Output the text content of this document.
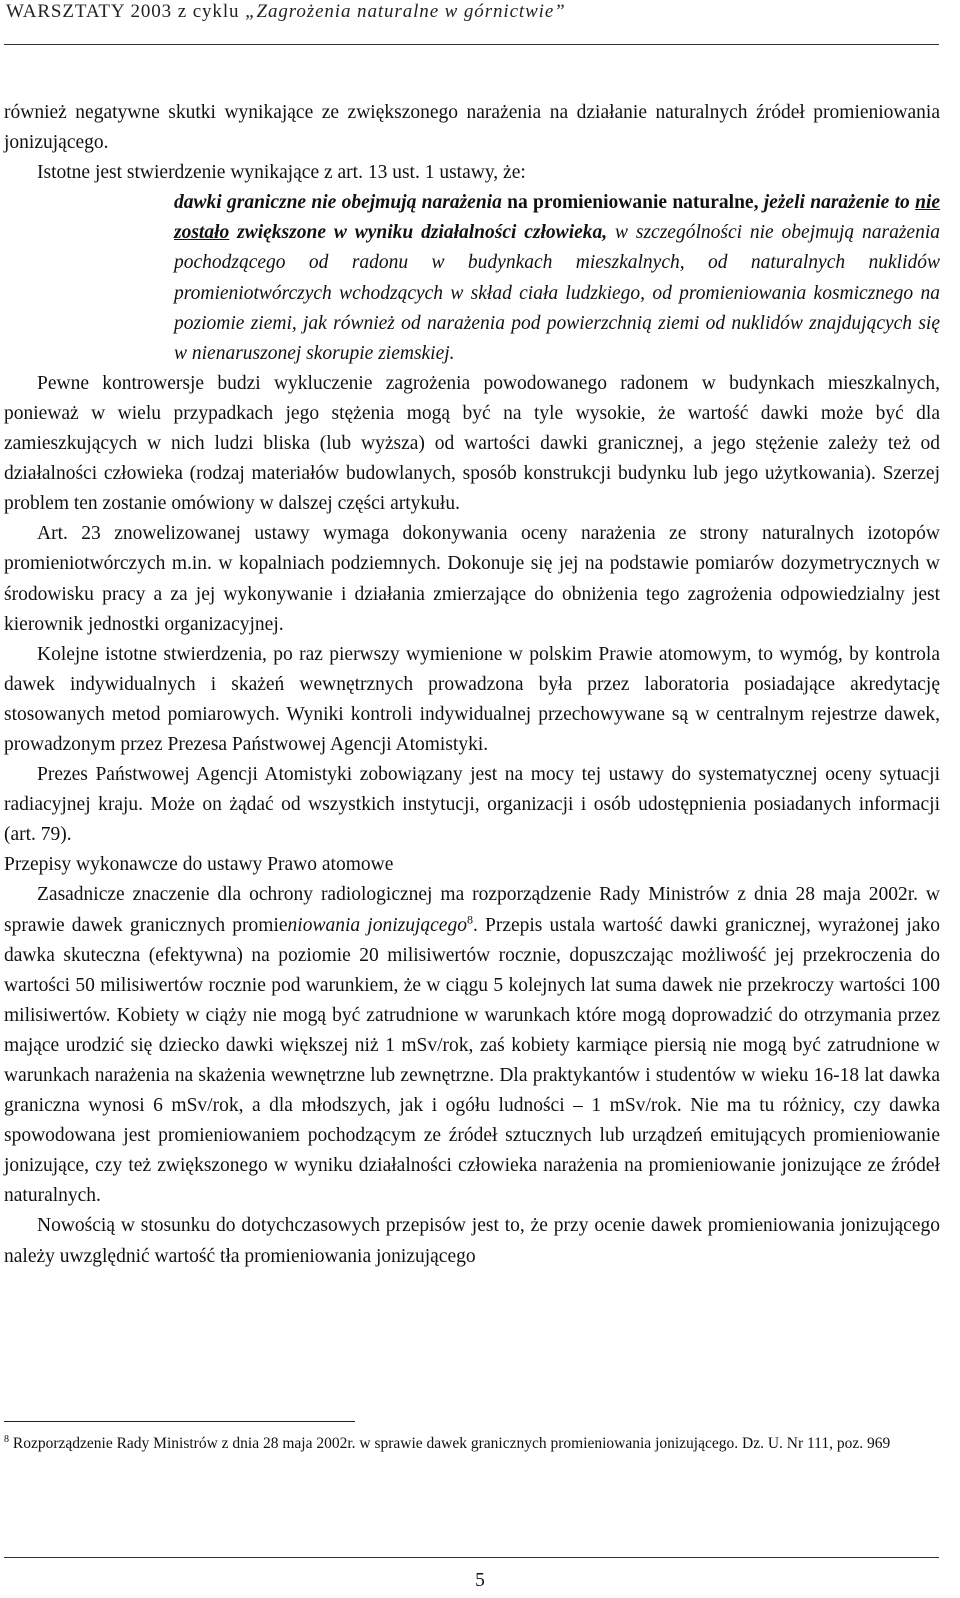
WARSZTATY 2003 z cyklu „Zagrożenia naturalne w górnictwie”

również negatywne skutki wynikające ze zwiększonego narażenia na działanie naturalnych źródeł promieniowania jonizującego.

Istotne jest stwierdzenie wynikające z art. 13 ust. 1 ustawy, że:

dawki graniczne nie obejmują narażenia na promieniowanie naturalne, jeżeli narażenie to nie zostało zwiększone w wyniku działalności człowieka, w szczególności nie obejmują narażenia pochodzącego od radonu w budynkach mieszkalnych, od naturalnych nuklidów promieniotwórczych wchodzących w skład ciała ludzkiego, od promieniowania kosmicznego na poziomie ziemi, jak również od narażenia pod powierzchnią ziemi od nuklidów znajdujących się w nienaruszonej skorupie ziemskiej.

Pewne kontrowersje budzi wykluczenie zagrożenia powodowanego radonem w budynkach mieszkalnych, ponieważ w wielu przypadkach jego stężenia mogą być na tyle wysokie, że wartość dawki może być dla zamieszkujących w nich ludzi bliska (lub wyższa) od wartości dawki granicznej, a jego stężenie zależy też od działalności człowieka (rodzaj materiałów budowlanych, sposób konstrukcji budynku lub jego użytkowania). Szerzej problem ten zostanie omówiony w dalszej części artykułu.

Art. 23 znowelizowanej ustawy wymaga dokonywania oceny narażenia ze strony naturalnych izotopów promieniotwórczych m.in. w kopalniach podziemnych. Dokonuje się jej na podstawie pomiarów dozymetrycznych w środowisku pracy a za jej wykonywanie i działania zmierzające do obniżenia tego zagrożenia odpowiedzialny jest kierownik jednostki organizacyjnej.

Kolejne istotne stwierdzenia, po raz pierwszy wymienione w polskim Prawie atomowym, to wymóg, by kontrola dawek indywidualnych i skażeń wewnętrznych prowadzona była przez laboratoria posiadające akredytację stosowanych metod pomiarowych. Wyniki kontroli indywidualnej przechowywane są w centralnym rejestrze dawek, prowadzonym przez Prezesa Państwowej Agencji Atomistyki.

Prezes Państwowej Agencji Atomistyki zobowiązany jest na mocy tej ustawy do systematycznej oceny sytuacji radiacyjnej kraju. Może on żądać od wszystkich instytucji, organizacji i osób udostępnienia posiadanych informacji (art. 79).

Przepisy wykonawcze do ustawy Prawo atomowe

Zasadnicze znaczenie dla ochrony radiologicznej ma rozporządzenie Rady Ministrów z dnia 28 maja 2002r. w sprawie dawek granicznych promieniowania jonizującego$^8$. Przepis ustala wartość dawki granicznej, wyrażonej jako dawka skuteczna (efektywna) na poziomie 20 milisiwertów rocznie, dopuszczając możliwość jej przekroczenia do wartości 50 milisiwertów rocznie pod warunkiem, że w ciągu 5 kolejnych lat suma dawek nie przekroczy wartości 100 milisiwertów. Kobiety w ciąży nie mogą być zatrudnione w warunkach które mogą doprowadzić do otrzymania przez mające urodzić się dziecko dawki większej niż 1 mSv/rok, zaś kobiety karmiące piersią nie mogą być zatrudnione w warunkach narażenia na skażenia wewnętrzne lub zewnętrzne. Dla praktykantów i studentów w wieku 16-18 lat dawka graniczna wynosi 6 mSv/rok, a dla młodszych, jak i ogółu ludności – 1 mSv/rok. Nie ma tu różnicy, czy dawka spowodowana jest promieniowaniem pochodzącym ze źródeł sztucznych lub urządzeń emitujących promieniowanie jonizujące, czy też zwiększonego w wyniku działalności człowieka narażenia na promieniowanie jonizujące ze źródeł naturalnych.

Nowością w stosunku do dotychczasowych przepisów jest to, że przy ocenie dawek promieniowania jonizującego należy uwzględnić wartość tła promieniowania jonizującego

$^8$ Rozporządzenie Rady Ministrów z dnia 28 maja 2002r. w sprawie dawek granicznych promieniowania jonizującego. Dz. U. Nr 111, poz. 969
5
